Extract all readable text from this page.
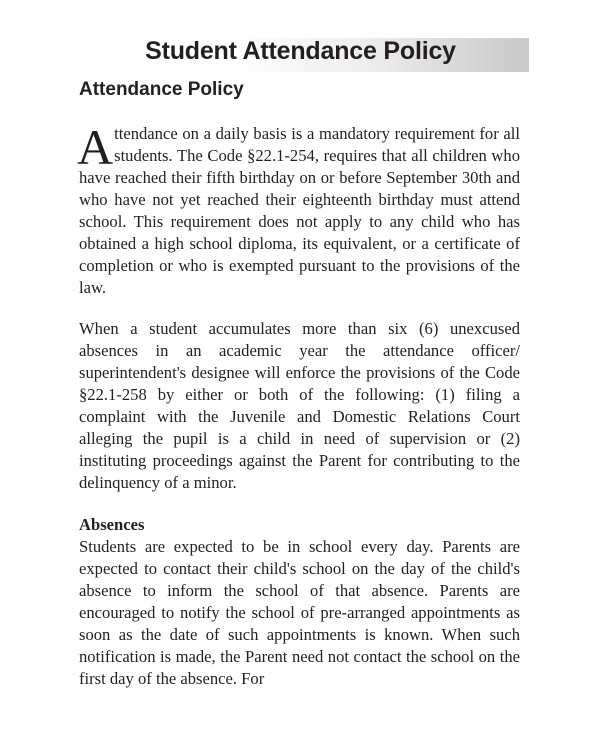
Student Attendance Policy
Attendance Policy

Attendance on a daily basis is a mandatory requirement for all students. The Code §22.1-254, requires that all children who have reached their fifth birthday on or before September 30th and who have not yet reached their eighteenth birthday must attend school. This requirement does not apply to any child who has obtained a high school diploma, its equivalent, or a certificate of completion or who is exempted pursuant to the provisions of the law.

When a student accumulates more than six (6) unexcused absences in an academic year the attendance officer/ superintendent's designee will enforce the provisions of the Code §22.1-258 by either or both of the following: (1) filing a complaint with the Juvenile and Domestic Relations Court alleging the pupil is a child in need of supervision or (2) instituting proceedings against the Parent for contributing to the delinquency of a minor.

Absences

Students are expected to be in school every day. Parents are expected to contact their child's school on the day of the child's absence to inform the school of that absence. Parents are encouraged to notify the school of pre-arranged appointments as soon as the date of such appointments is known. When such notification is made, the Parent need not contact the school on the first day of the absence. For
